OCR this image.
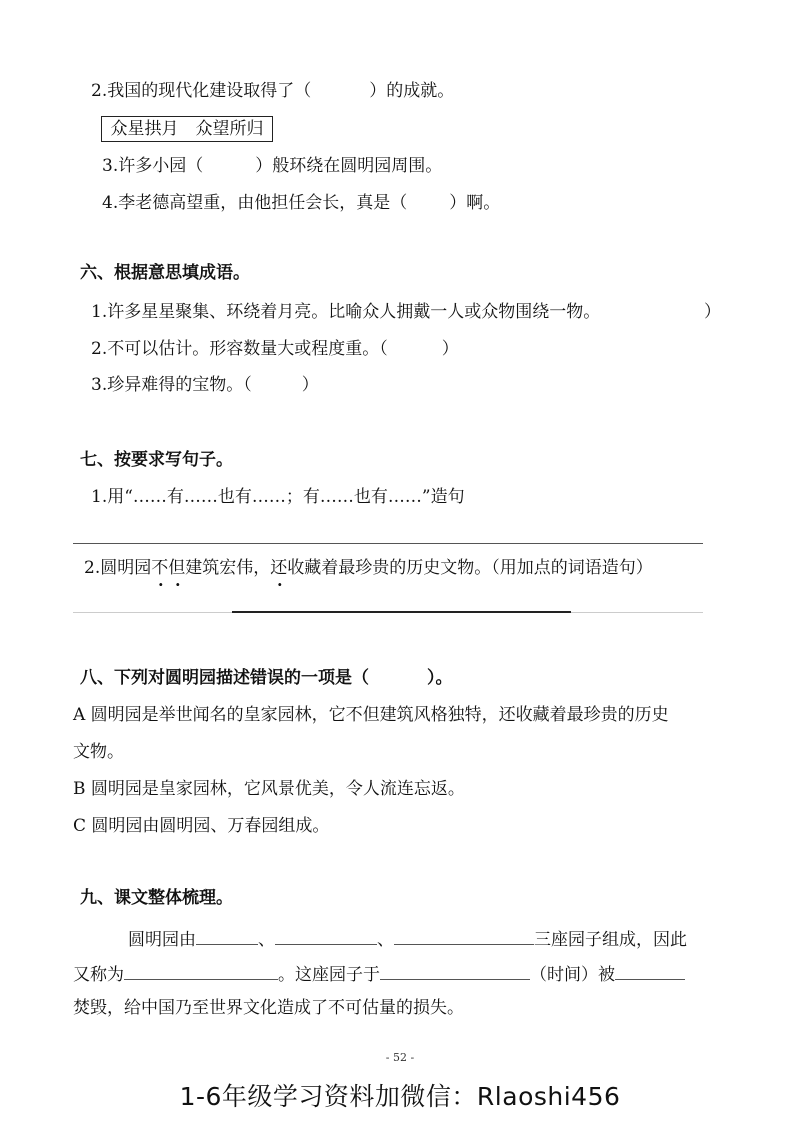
2.我国的现代化建设取得了（	）的成就。
众星拱月　众望所归
3.许多小园（	）般环绕在圆明园周围。
4.李老德高望重，由他担任会长，真是（ ）啊。
六、根据意思填成语。
1.许多星星聚集、环绕着月亮。比喻众人拥戴一人或众物围绕一物。	）
2.不可以估计。形容数量大或程度重。（	）
3.珍异难得的宝物。（	）
七、按要求写句子。
1.用“……有……也有……；有……也有……”造句
2.圆明园不但建筑宏伟，还收藏着最珍贵的历史文物。（用加点的词语造句）
八、下列对圆明园描述错误的一项是（	）。
A 圆明园是举世闻名的皇家园林，它不但建筑风格独特，还收藏着最珍贵的历史
文物。
B 圆明园是皇家园林，它风景优美，令人流连忘返。
C 圆明园由圆明园、万春园组成。
九、课文整体梳理。
圆明园由	、	、	三座园子组成，因此
又称为	。这座园子于	（时间）被
焚毁，给中国乃至世界文化造成了不可估量的损失。
- 52 -
1-6年级学习资料加微信：Rlaoshi456
